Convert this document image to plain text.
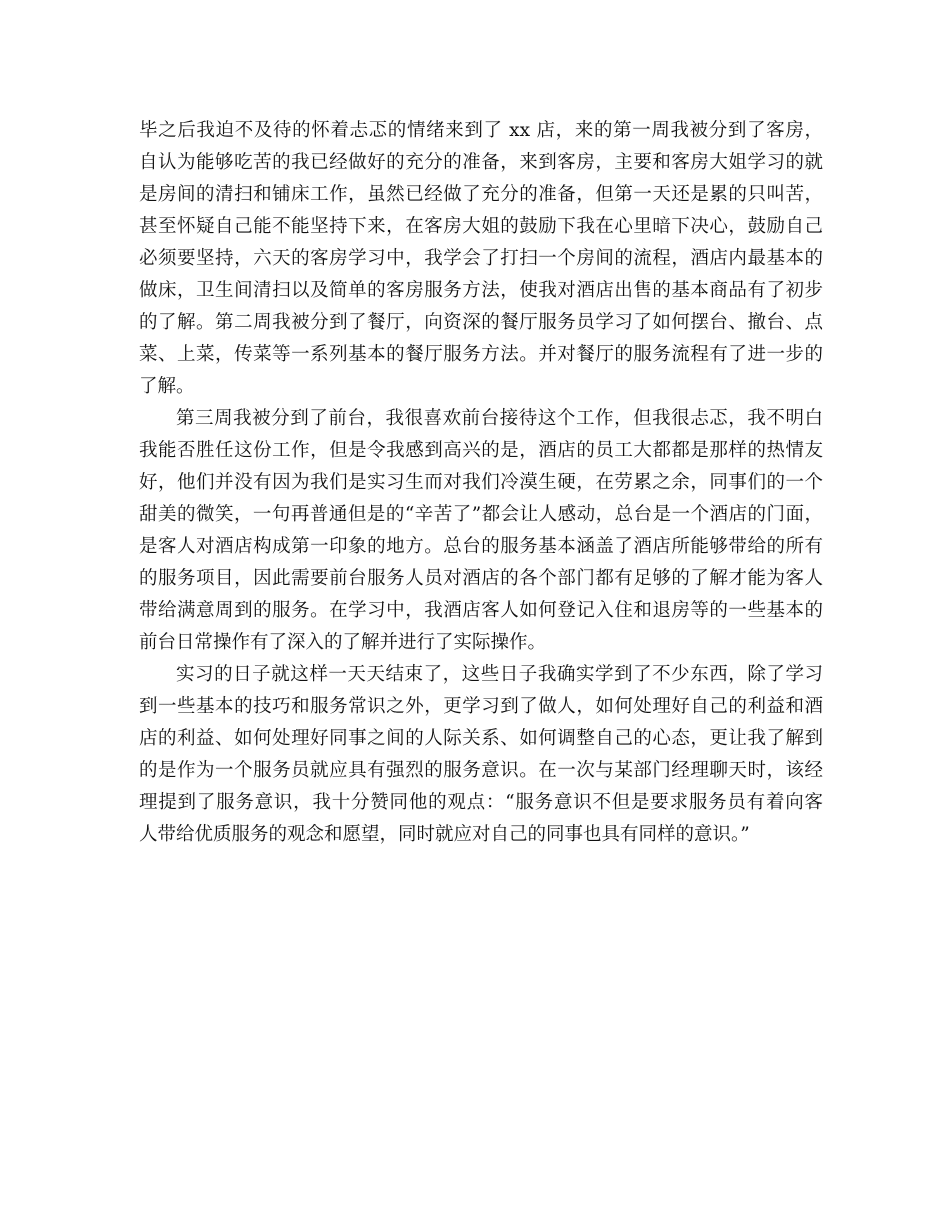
毕之后我迫不及待的怀着忐忑的情绪来到了 xx 店，来的第一周我被分到了客房，
自认为能够吃苦的我已经做好的充分的准备，来到客房，主要和客房大姐学习的就
是房间的清扫和铺床工作，虽然已经做了充分的准备，但第一天还是累的只叫苦，
甚至怀疑自己能不能坚持下来，在客房大姐的鼓励下我在心里暗下决心，鼓励自己
必须要坚持，六天的客房学习中，我学会了打扫一个房间的流程，酒店内最基本的
做床，卫生间清扫以及简单的客房服务方法，使我对酒店出售的基本商品有了初步
的了解。第二周我被分到了餐厅，向资深的餐厅服务员学习了如何摆台、撤台、点
菜、上菜，传菜等一系列基本的餐厅服务方法。并对餐厅的服务流程有了进一步的
了解。
第三周我被分到了前台，我很喜欢前台接待这个工作，但我很忐忑，我不明白
我能否胜任这份工作，但是令我感到高兴的是，酒店的员工大都都是那样的热情友
好，他们并没有因为我们是实习生而对我们冷漠生硬，在劳累之余，同事们的一个
甜美的微笑，一句再普通但是的“辛苦了”都会让人感动，总台是一个酒店的门面，
是客人对酒店构成第一印象的地方。总台的服务基本涵盖了酒店所能够带给的所有
的服务项目，因此需要前台服务人员对酒店的各个部门都有足够的了解才能为客人
带给满意周到的服务。在学习中，我酒店客人如何登记入住和退房等的一些基本的
前台日常操作有了深入的了解并进行了实际操作。
实习的日子就这样一天天结束了，这些日子我确实学到了不少东西，除了学习
到一些基本的技巧和服务常识之外，更学习到了做人，如何处理好自己的利益和酒
店的利益、如何处理好同事之间的人际关系、如何调整自己的心态，更让我了解到
的是作为一个服务员就应具有强烈的服务意识。在一次与某部门经理聊天时，该经
理提到了服务意识，我十分赞同他的观点：“服务意识不但是要求服务员有着向客
人带给优质服务的观念和愿望，同时就应对自己的同事也具有同样的意识。”
